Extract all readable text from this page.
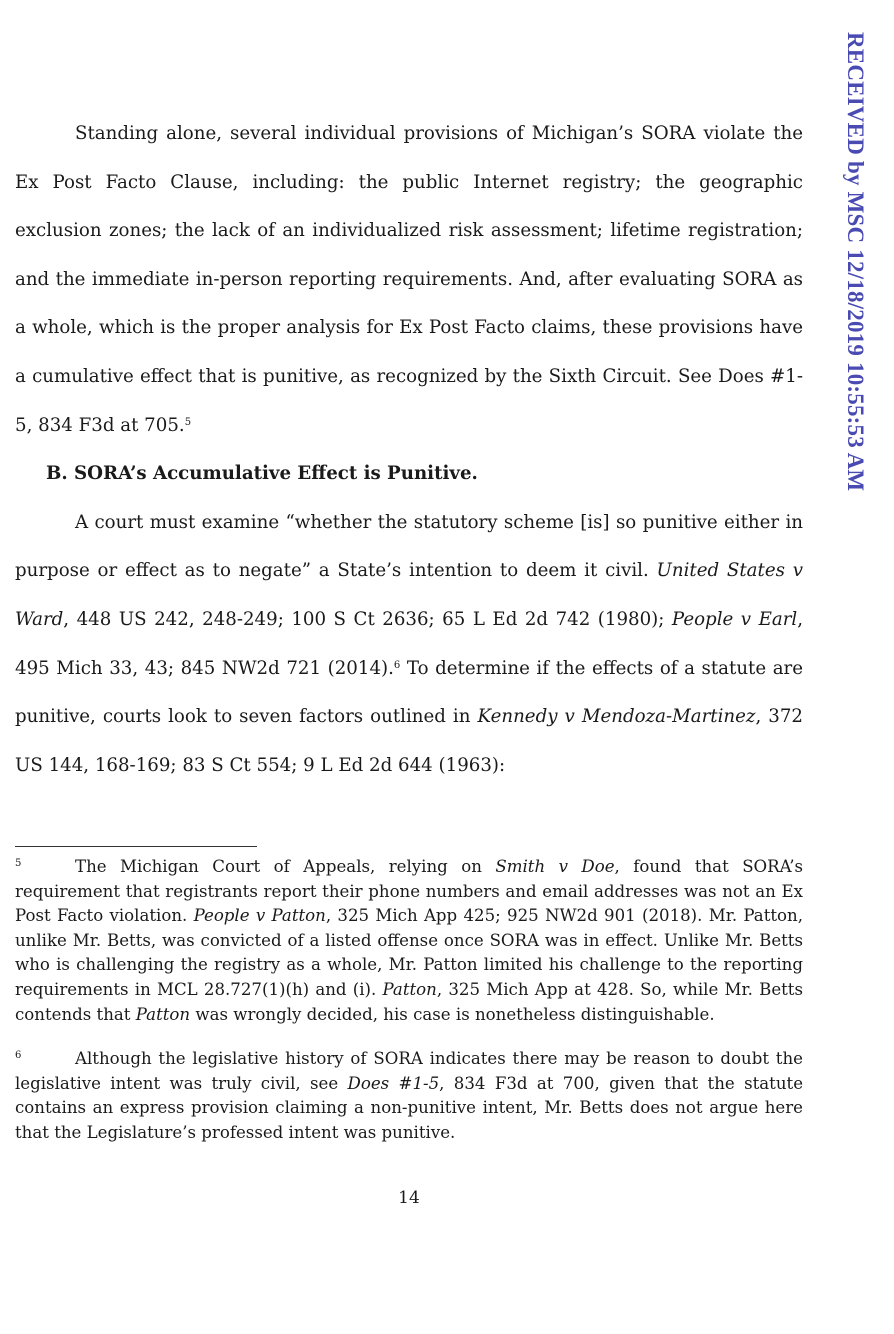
RECEIVED by MSC 12/18/2019 10:55:53 AM

Standing alone, several individual provisions of Michigan’s SORA violate the Ex Post Facto Clause, including: the public Internet registry; the geographic exclusion zones; the lack of an individualized risk assessment; lifetime registration; and the immediate in-person reporting requirements. And, after evaluating SORA as a whole, which is the proper analysis for Ex Post Facto claims, these provisions have a cumulative effect that is punitive, as recognized by the Sixth Circuit. See Does #1-5, 834 F3d at 705.$^5$

B. SORA’s Accumulative Effect is Punitive.

A court must examine “whether the statutory scheme [is] so punitive either in purpose or effect as to negate” a State’s intention to deem it civil. United States v Ward, 448 US 242, 248-249; 100 S Ct 2636; 65 L Ed 2d 742 (1980); People v Earl, 495 Mich 33, 43; 845 NW2d 721 (2014).$^6$ To determine if the effects of a statute are punitive, courts look to seven factors outlined in Kennedy v Mendoza-Martinez, 372 US 144, 168-169; 83 S Ct 554; 9 L Ed 2d 644 (1963):

5	The Michigan Court of Appeals, relying on Smith v Doe, found that SORA’s requirement that registrants report their phone numbers and email addresses was not an Ex Post Facto violation. People v Patton, 325 Mich App 425; 925 NW2d 901 (2018). Mr. Patton, unlike Mr. Betts, was convicted of a listed offense once SORA was in effect. Unlike Mr. Betts who is challenging the registry as a whole, Mr. Patton limited his challenge to the reporting requirements in MCL 28.727(1)(h) and (i). Patton, 325 Mich App at 428. So, while Mr. Betts contends that Patton was wrongly decided, his case is nonetheless distinguishable.

6	Although the legislative history of SORA indicates there may be reason to doubt the legislative intent was truly civil, see Does #1-5, 834 F3d at 700, given that the statute contains an express provision claiming a non-punitive intent, Mr. Betts does not argue here that the Legislature’s professed intent was punitive.

14
